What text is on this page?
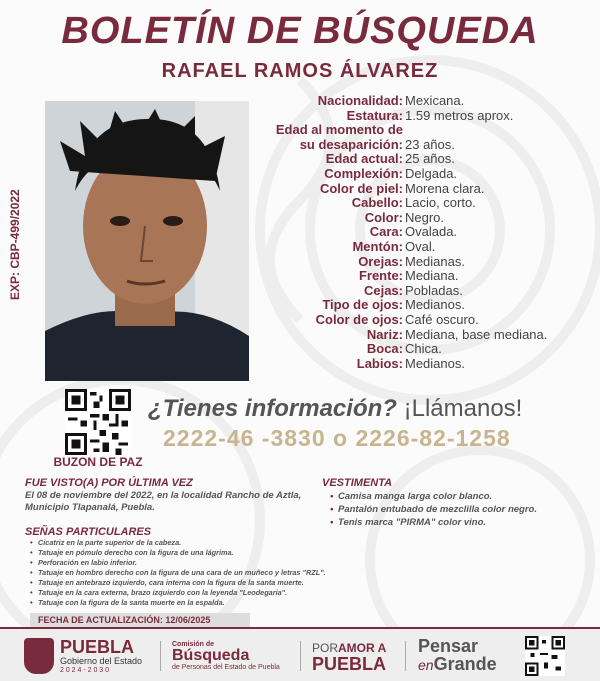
BOLETÍN DE BÚSQUEDA
RAFAEL RAMOS ÁLVAREZ
EXP: CBP-499/2022
Nacionalidad: Mexicana.
Estatura: 1.59 metros aprox.
Edad al momento de
su desaparición: 23 años.
Edad actual: 25 años.
Complexión: Delgada.
Color de piel: Morena clara.
Cabello: Lacio, corto.
Color: Negro.
Cara: Ovalada.
Mentón: Oval.
Orejas: Medianas.
Frente: Mediana.
Cejas: Pobladas.
Tipo de ojos: Medianos.
Color de ojos: Café oscuro.
Nariz: Mediana, base mediana.
Boca: Chica.
Labios: Medianos.
BUZON DE PAZ
¿Tienes información? ¡Llámanos!
2222-46 -3830 o 2226-82-1258
FUE VISTO(A) POR ÚLTIMA VEZ
El 08 de noviembre del 2022, en la localidad Rancho de Aztla, Municipio Tlapanalá, Puebla.
VESTIMENTA
• Camisa manga larga color blanco.
• Pantalón entubado de mezclilla color negro.
• Tenis marca "PIRMA" color vino.
SEÑAS PARTICULARES
• Cicatriz en la parte superior de la cabeza.
• Tatuaje en pómulo derecho con la figura de una lágrima.
• Perforación en labio inferior.
• Tatuaje en hombro derecho con la figura de una cara de un muñeco y letras "RZL".
• Tatuaje en antebrazo izquierdo, cara interna con la figura de la santa muerte.
• Tatuaje en la cara externa, brazo izquierdo con la leyenda "Leodegaria".
• Tatuaje con la figura de la santa muerte en la espalda.
FECHA DE ACTUALIZACIÓN: 12/06/2025
PUEBLA
Gobierno del Estado
2 0 2 4 - 2 0 3 0
Comisión de
Búsqueda
de Personas del Estado de Puebla
PORAMOR A
PUEBLA
Pensar
enGrande
